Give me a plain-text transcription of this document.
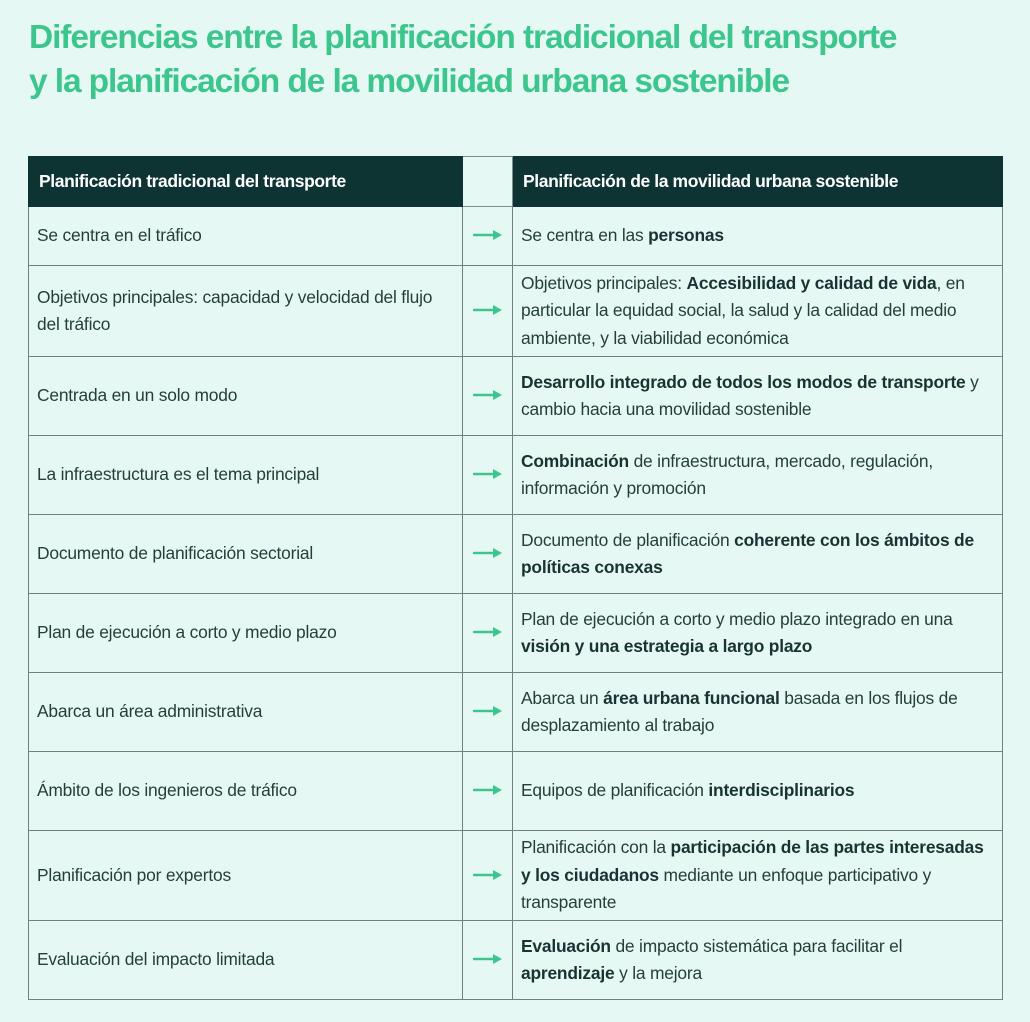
Diferencias entre la planificación tradicional del transporte
y la planificación de la movilidad urbana sostenible
Planificación tradicional del transporte		Planificación de la movilidad urbana sostenible
Se centra en el tráfico		Se centra en las personas
Objetivos principales: capacidad y velocidad del flujo del tráfico		Objetivos principales: Accesibilidad y calidad de vida, en particular la equidad social, la salud y la calidad del medio ambiente, y la viabilidad económica
Centrada en un solo modo		Desarrollo integrado de todos los modos de transporte y cambio hacia una movilidad sostenible
La infraestructura es el tema principal		Combinación de infraestructura, mercado, regulación, información y promoción
Documento de planificación sectorial		Documento de planificación coherente con los ámbitos de políticas conexas
Plan de ejecución a corto y medio plazo		Plan de ejecución a corto y medio plazo integrado en una visión y una estrategia a largo plazo
Abarca un área administrativa		Abarca un área urbana funcional basada en los flujos de desplazamiento al trabajo
Ámbito de los ingenieros de tráfico		Equipos de planificación interdisciplinarios
Planificación por expertos		Planificación con la participación de las partes interesadas y los ciudadanos mediante un enfoque participativo y transparente
Evaluación del impacto limitada		Evaluación de impacto sistemática para facilitar el aprendizaje y la mejora
